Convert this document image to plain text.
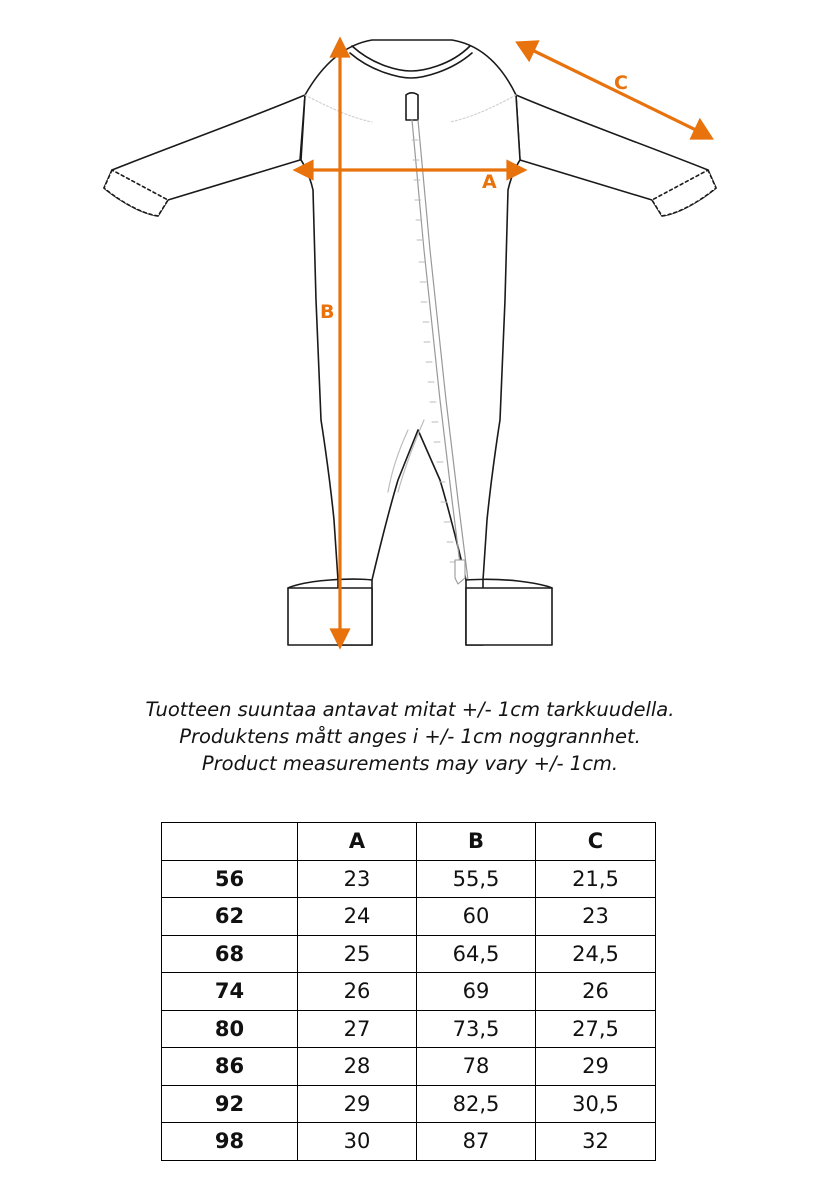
A
B
C
Tuotteen suuntaa antavat mitat +/- 1cm tarkkuudella.
Produktens mått anges i +/- 1cm noggrannhet.
Product measurements may vary +/- 1cm.
	A	B	C
56	23	55,5	21,5
62	24	60	23
68	25	64,5	24,5
74	26	69	26
80	27	73,5	27,5
86	28	78	29
92	29	82,5	30,5
98	30	87	32
